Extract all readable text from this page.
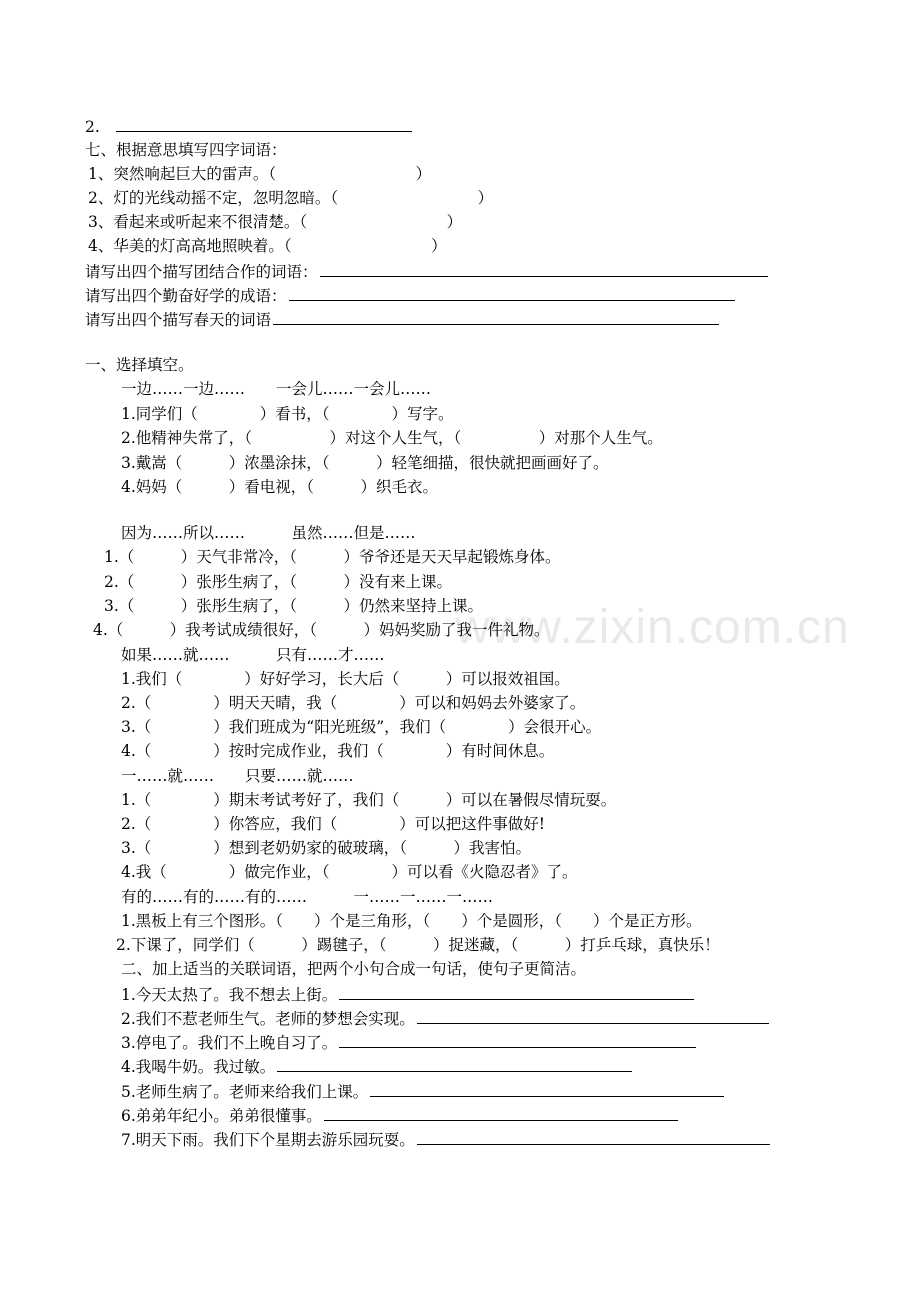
www.zixin.com.cn
2.
七、根据意思填写四字词语：
1、突然响起巨大的雷声。（　　　　　　　　　）
2、灯的光线动摇不定，忽明忽暗。（　　　　　　　　　）
3、看起来或听起来不很清楚。（　　　　　　　　　）
4、华美的灯高高地照映着。（　　　　　　　　　）
请写出四个描写团结合作的词语：
请写出四个勤奋好学的成语：
请写出四个描写春天的词语
一、选择填空。
一边……一边……　　一会儿……一会儿……
1.同学们（　　　　）看书，（　　　　）写字。
2.他精神失常了，（　　　　　）对这个人生气，（　　　　　）对那个人生气。
3.戴嵩（　　　）浓墨涂抹，（　　　）轻笔细描，很快就把画画好了。
4.妈妈（　　　）看电视，（　　　）织毛衣。
因为……所以……　　　虽然……但是……
1.（　　　）天气非常冷，（　　　）爷爷还是天天早起锻炼身体。
2.（　　　）张彤生病了，（　　　）没有来上课。
3.（　　　）张彤生病了，（　　　）仍然来坚持上课。
4.（　　　）我考试成绩很好，（　　　）妈妈奖励了我一件礼物。
如果……就……　　　只有……才……
1.我们（　　　　）好好学习，长大后（　　　）可以报效祖国。
2.（　　　　）明天天晴，我（　　　　）可以和妈妈去外婆家了。
3.（　　　　）我们班成为“阳光班级”，我们（　　　　）会很开心。
4.（　　　　）按时完成作业，我们（　　　　）有时间休息。
一……就……　　只要……就……
1.（　　　　）期末考试考好了，我们（　　　）可以在暑假尽情玩耍。
2.（　　　　）你答应，我们（　　　　）可以把这件事做好!
3.（　　　　）想到老奶奶家的破玻璃，（　　　）我害怕。
4.我（　　　　）做完作业，（　　　　）可以看《火隐忍者》了。
有的……有的……有的……　　　一……一……一……
1.黑板上有三个图形。（　　）个是三角形，（　　）个是圆形，（　　）个是正方形。
2.下课了，同学们（　　　）踢毽子，（　　　）捉迷藏，（　　　）打乒乓球，真快乐！
二、加上适当的关联词语，把两个小句合成一句话，使句子更简洁。
1.今天太热了。我不想去上街。
2.我们不惹老师生气。老师的梦想会实现。
3.停电了。我们不上晚自习了。
4.我喝牛奶。我过敏。
5.老师生病了。老师来给我们上课。
6.弟弟年纪小。弟弟很懂事。
7.明天下雨。我们下个星期去游乐园玩耍。
